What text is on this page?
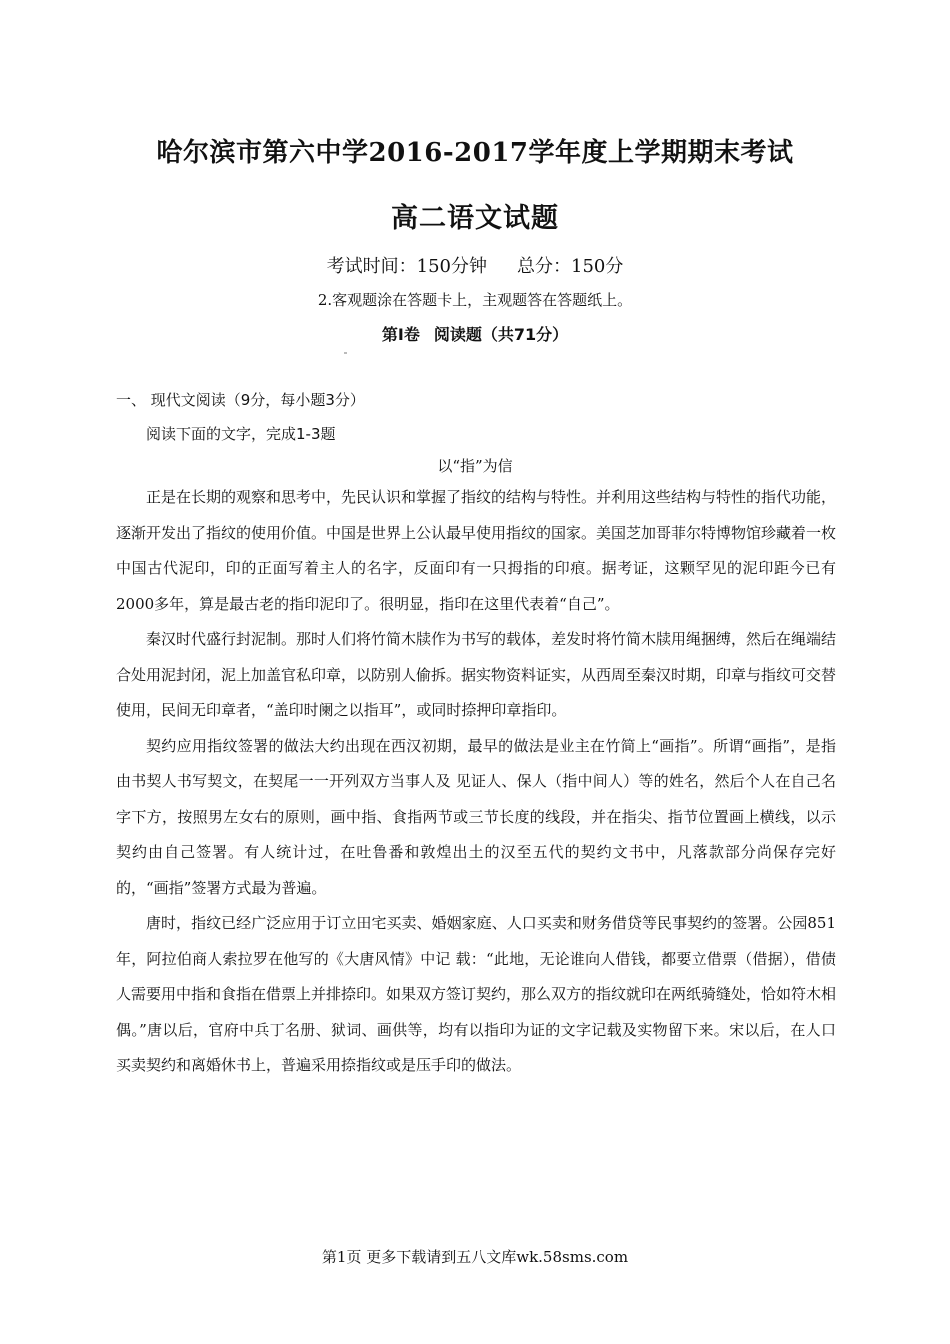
哈尔滨市第六中学2016-2017学年度上学期期末考试
高二语文试题
考试时间：150分钟 总分：150分
2.客观题涂在答题卡上，主观题答在答题纸上。
第Ⅰ卷 阅读题（共71分）
一、 现代文阅读（9分，每小题3分）
阅读下面的文字，完成1-3题
以“指”为信

正是在长期的观察和思考中，先民认识和掌握了指纹的结构与特性。并利用这些结构与特性的指代功能，逐渐开发出了指纹的使用价值。中国是世界上公认最早使用指纹的国家。美国芝加哥菲尔特博物馆珍藏着一枚中国古代泥印，印的正面写着主人的名字，反面印有一只拇指的印痕。据考证，这颗罕见的泥印距今已有2000多年，算是最古老的指印泥印了。很明显，指印在这里代表着“自己”。

秦汉时代盛行封泥制。那时人们将竹简木牍作为书写的载体，差发时将竹简木牍用绳捆缚，然后在绳端结合处用泥封闭，泥上加盖官私印章，以防别人偷拆。据实物资料证实，从西周至秦汉时期，印章与指纹可交替使用，民间无印章者，“盖印时阑之以指耳”，或同时捺押印章指印。

契约应用指纹签署的做法大约出现在西汉初期，最早的做法是业主在竹简上“画指”。所谓“画指”，是指由书契人书写契文，在契尾一一开列双方当事人及 见证人、保人（指中间人）等的姓名，然后个人在自己名字下方，按照男左女右的原则，画中指、食指两节或三节长度的线段，并在指尖、指节位置画上横线，以示 契约由自己签署。有人统计过，在吐鲁番和敦煌出土的汉至五代的契约文书中，凡落款部分尚保存完好的，“画指”签署方式最为普遍。

唐时，指纹已经广泛应用于订立田宅买卖、婚姻家庭、人口买卖和财务借贷等民事契约的签署。公园851年，阿拉伯商人索拉罗在他写的《大唐风情》中记 载：“此地，无论谁向人借钱，都要立借票（借据），借债人需要用中指和食指在借票上并排捺印。如果双方签订契约，那么双方的指纹就印在两纸骑缝处，恰如符木相偶。”唐以后，官府中兵丁名册、狱词、画供等，均有以指印为证的文字记载及实物留下来。宋以后，在人口买卖契约和离婚休书上，普遍采用捺指纹或是压手印的做法。

第1页 更多下载请到五八文库wk.58sms.com
